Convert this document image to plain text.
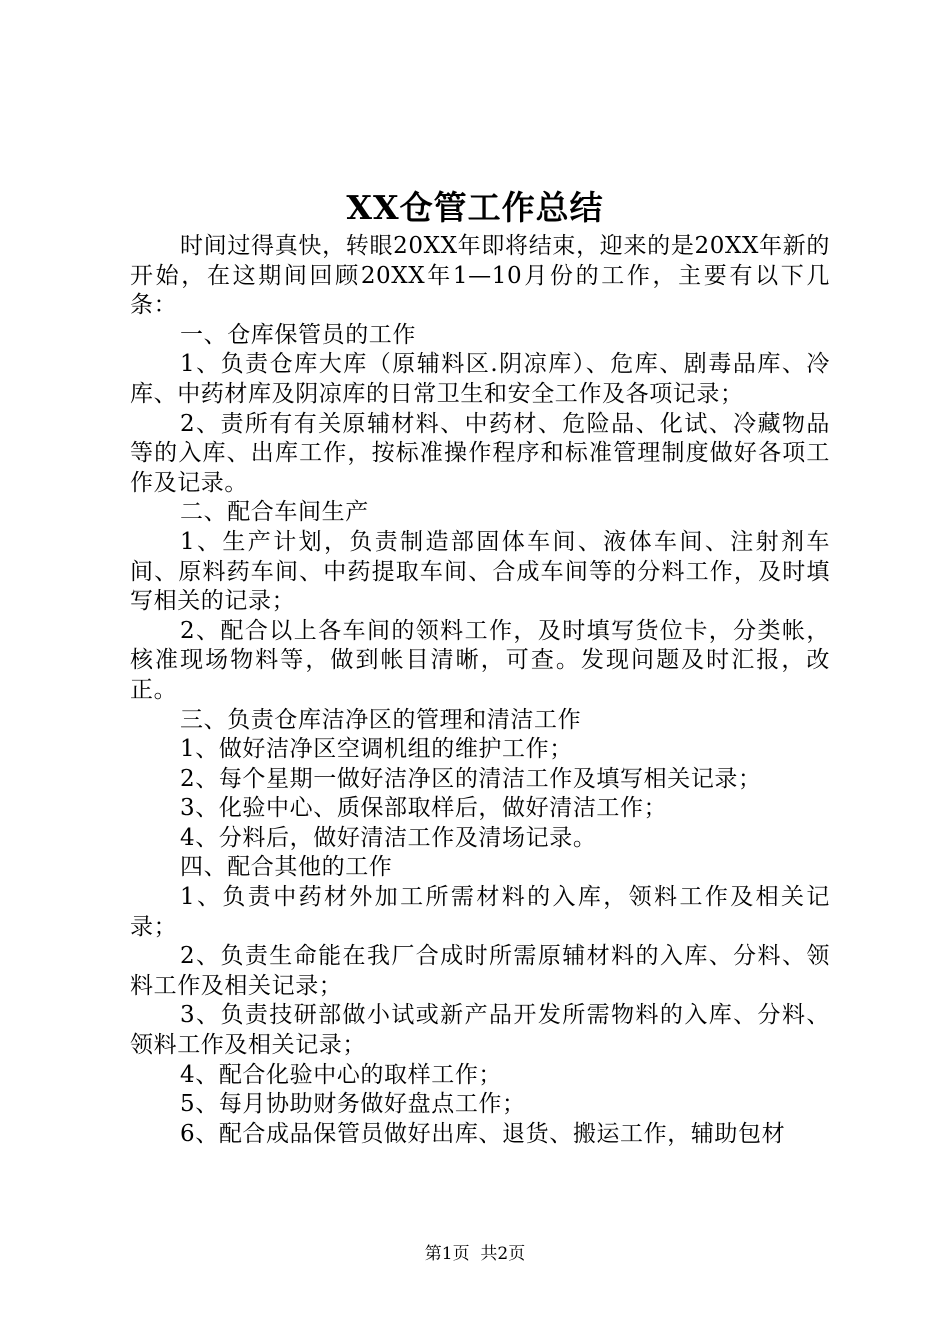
XX仓管工作总结

时间过得真快，转眼20XX年即将结束，迎来的是20XX年新的开始，在这期间回顾20XX年1—10月份的工作，主要有以下几条：

一、仓库保管员的工作

1、负责仓库大库（原辅料区.阴凉库）、危库、剧毒品库、冷库、中药材库及阴凉库的日常卫生和安全工作及各项记录；

2、责所有有关原辅材料、中药材、危险品、化试、冷藏物品等的入库、出库工作，按标准操作程序和标准管理制度做好各项工作及记录。

二、配合车间生产

1、生产计划，负责制造部固体车间、液体车间、注射剂车间、原料药车间、中药提取车间、合成车间等的分料工作，及时填写相关的记录；

2、配合以上各车间的领料工作，及时填写货位卡，分类帐，核准现场物料等，做到帐目清晰，可查。发现问题及时汇报，改正。

三、负责仓库洁净区的管理和清洁工作

1、做好洁净区空调机组的维护工作；

2、每个星期一做好洁净区的清洁工作及填写相关记录；

3、化验中心、质保部取样后，做好清洁工作；

4、分料后，做好清洁工作及清场记录。

四、配合其他的工作

1、负责中药材外加工所需材料的入库，领料工作及相关记录；

2、负责生命能在我厂合成时所需原辅材料的入库、分料、领料工作及相关记录；

3、负责技研部做小试或新产品开发所需物料的入库、分料、领料工作及相关记录；

4、配合化验中心的取样工作；

5、每月协助财务做好盘点工作；

6、配合成品保管员做好出库、退货、搬运工作，辅助包材

第1页 共2页
